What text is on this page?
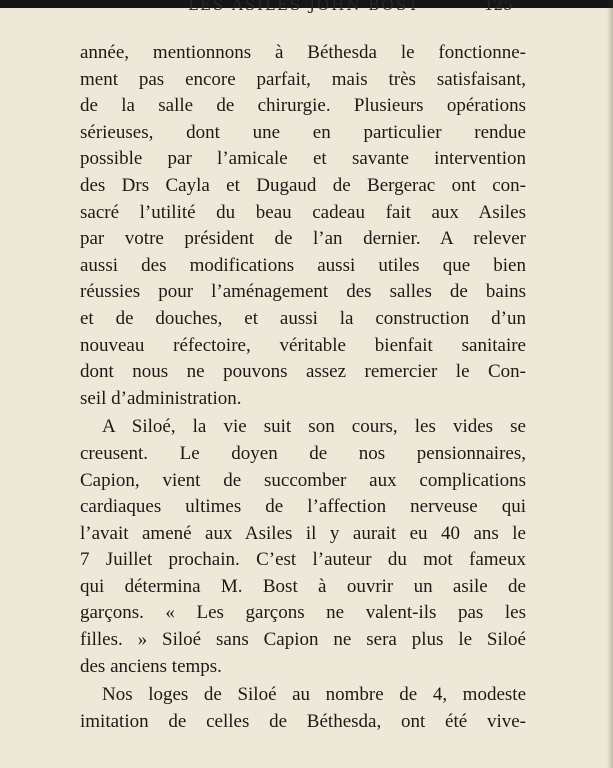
LES ASILES JOHN BOST	125
année, mentionnons à Béthesda le fonctionne-
ment pas encore parfait, mais très satisfaisant,
de la salle de chirurgie. Plusieurs opérations
sérieuses, dont une en particulier rendue
possible par l’amicale et savante intervention
des Drs Cayla et Dugaud de Bergerac ont con-
sacré l’utilité du beau cadeau fait aux Asiles
par votre président de l’an dernier. A relever
aussi des modifications aussi utiles que bien
réussies pour l’aménagement des salles de bains
et de douches, et aussi la construction d’un
nouveau réfectoire, véritable bienfait sanitaire
dont nous ne pouvons assez remercier le Con-
seil d’administration.
A Siloé, la vie suit son cours, les vides se
creusent. Le doyen de nos pensionnaires,
Capion, vient de succomber aux complications
cardiaques ultimes de l’affection nerveuse qui
l’avait amené aux Asiles il y aurait eu 40 ans le
7 Juillet prochain. C’est l’auteur du mot fameux
qui détermina M. Bost à ouvrir un asile de
garçons. « Les garçons ne valent-ils pas les
filles. » Siloé sans Capion ne sera plus le Siloé
des anciens temps.
Nos loges de Siloé au nombre de 4, modeste
imitation de celles de Béthesda, ont été vive-
